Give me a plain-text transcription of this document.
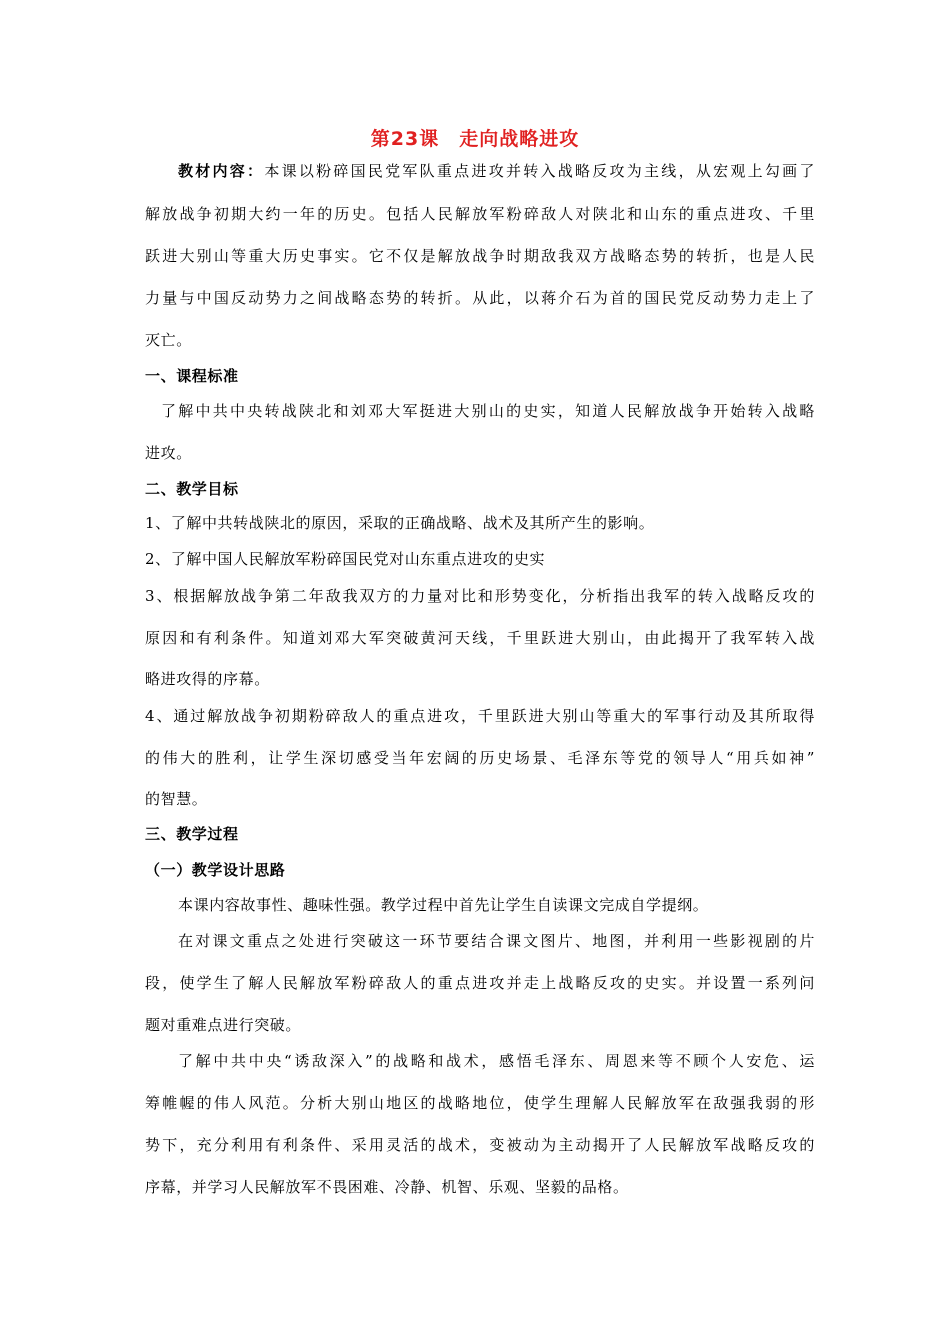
第23课　走向战略进攻
教材内容：本课以粉碎国民党军队重点进攻并转入战略反攻为主线，从宏观上勾画了
解放战争初期大约一年的历史。包括人民解放军粉碎敌人对陕北和山东的重点进攻、千里
跃进大别山等重大历史事实。它不仅是解放战争时期敌我双方战略态势的转折，也是人民
力量与中国反动势力之间战略态势的转折。从此，以蒋介石为首的国民党反动势力走上了
灭亡。
一、课程标准
了解中共中央转战陕北和刘邓大军挺进大别山的史实，知道人民解放战争开始转入战略
进攻。
二、教学目标
1、了解中共转战陕北的原因，采取的正确战略、战术及其所产生的影响。
2、了解中国人民解放军粉碎国民党对山东重点进攻的史实
3、根据解放战争第二年敌我双方的力量对比和形势变化，分析指出我军的转入战略反攻的
原因和有利条件。知道刘邓大军突破黄河天线，千里跃进大别山，由此揭开了我军转入战
略进攻得的序幕。
4、通过解放战争初期粉碎敌人的重点进攻，千里跃进大别山等重大的军事行动及其所取得
的伟大的胜利，让学生深切感受当年宏阔的历史场景、毛泽东等党的领导人“用兵如神”
的智慧。
三、教学过程
（一）教学设计思路
本课内容故事性、趣味性强。教学过程中首先让学生自读课文完成自学提纲。
在对课文重点之处进行突破这一环节要结合课文图片、地图，并利用一些影视剧的片
段，使学生了解人民解放军粉碎敌人的重点进攻并走上战略反攻的史实。并设置一系列问
题对重难点进行突破。
了解中共中央“诱敌深入”的战略和战术，感悟毛泽东、周恩来等不顾个人安危、运
筹帷幄的伟人风范。分析大别山地区的战略地位，使学生理解人民解放军在敌强我弱的形
势下，充分利用有利条件、采用灵活的战术，变被动为主动揭开了人民解放军战略反攻的
序幕，并学习人民解放军不畏困难、冷静、机智、乐观、坚毅的品格。
